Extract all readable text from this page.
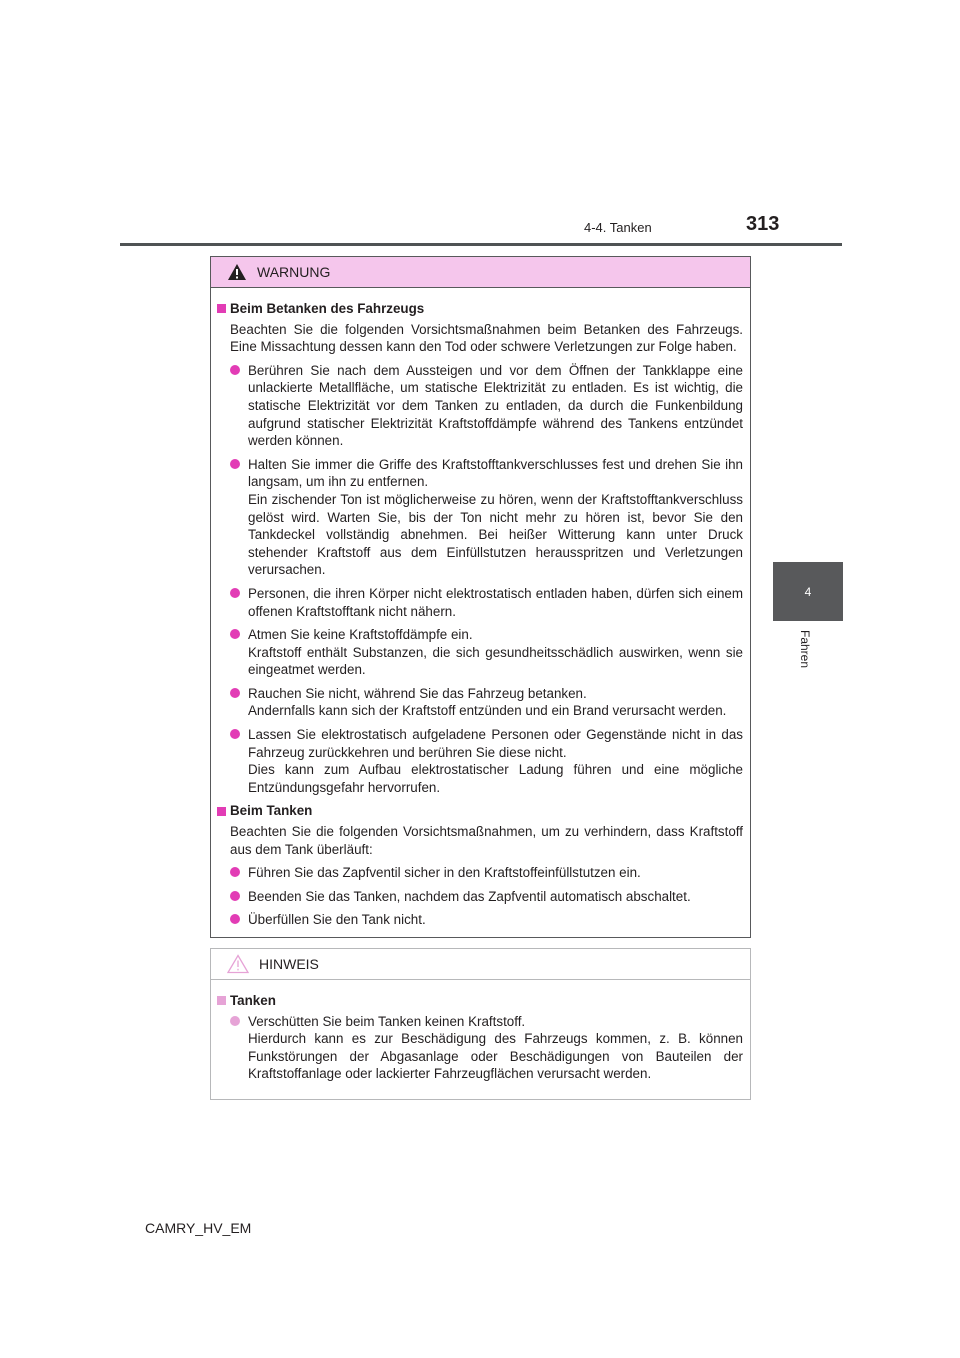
4-4. Tanken	313
4
Fahren
WARNUNG
Beim Betanken des Fahrzeugs
Beachten Sie die folgenden Vorsichtsmaßnahmen beim Betanken des Fahrzeugs. Eine Missachtung dessen kann den Tod oder schwere Verletzungen zur Folge haben.
Berühren Sie nach dem Aussteigen und vor dem Öffnen der Tankklappe eine unlackierte Metallfläche, um statische Elektrizität zu entladen. Es ist wichtig, die statische Elektrizität vor dem Tanken zu entladen, da durch die Funkenbildung aufgrund statischer Elektrizität Kraftstoffdämpfe während des Tankens entzündet werden können.
Halten Sie immer die Griffe des Kraftstofftankverschlusses fest und drehen Sie ihn langsam, um ihn zu entfernen.
Ein zischender Ton ist möglicherweise zu hören, wenn der Kraftstofftankverschluss gelöst wird. Warten Sie, bis der Ton nicht mehr zu hören ist, bevor Sie den Tankdeckel vollständig abnehmen. Bei heißer Witterung kann unter Druck stehender Kraftstoff aus dem Einfüllstutzen herausspritzen und Verletzungen verursachen.
Personen, die ihren Körper nicht elektrostatisch entladen haben, dürfen sich einem offenen Kraftstofftank nicht nähern.
Atmen Sie keine Kraftstoffdämpfe ein.
Kraftstoff enthält Substanzen, die sich gesundheitsschädlich auswirken, wenn sie eingeatmet werden.
Rauchen Sie nicht, während Sie das Fahrzeug betanken.
Andernfalls kann sich der Kraftstoff entzünden und ein Brand verursacht werden.
Lassen Sie elektrostatisch aufgeladene Personen oder Gegenstände nicht in das Fahrzeug zurückkehren und berühren Sie diese nicht.
Dies kann zum Aufbau elektrostatischer Ladung führen und eine mögliche Entzündungsgefahr hervorrufen.
Beim Tanken
Beachten Sie die folgenden Vorsichtsmaßnahmen, um zu verhindern, dass Kraftstoff aus dem Tank überläuft:
Führen Sie das Zapfventil sicher in den Kraftstoffeinfüllstutzen ein.
Beenden Sie das Tanken, nachdem das Zapfventil automatisch abschaltet.
Überfüllen Sie den Tank nicht.
HINWEIS
Tanken
Verschütten Sie beim Tanken keinen Kraftstoff.
Hierdurch kann es zur Beschädigung des Fahrzeugs kommen, z. B. können Funkstörungen der Abgasanlage oder Beschädigungen von Bauteilen der Kraftstoffanlage oder lackierter Fahrzeugflächen verursacht werden.
CAMRY_HV_EM
